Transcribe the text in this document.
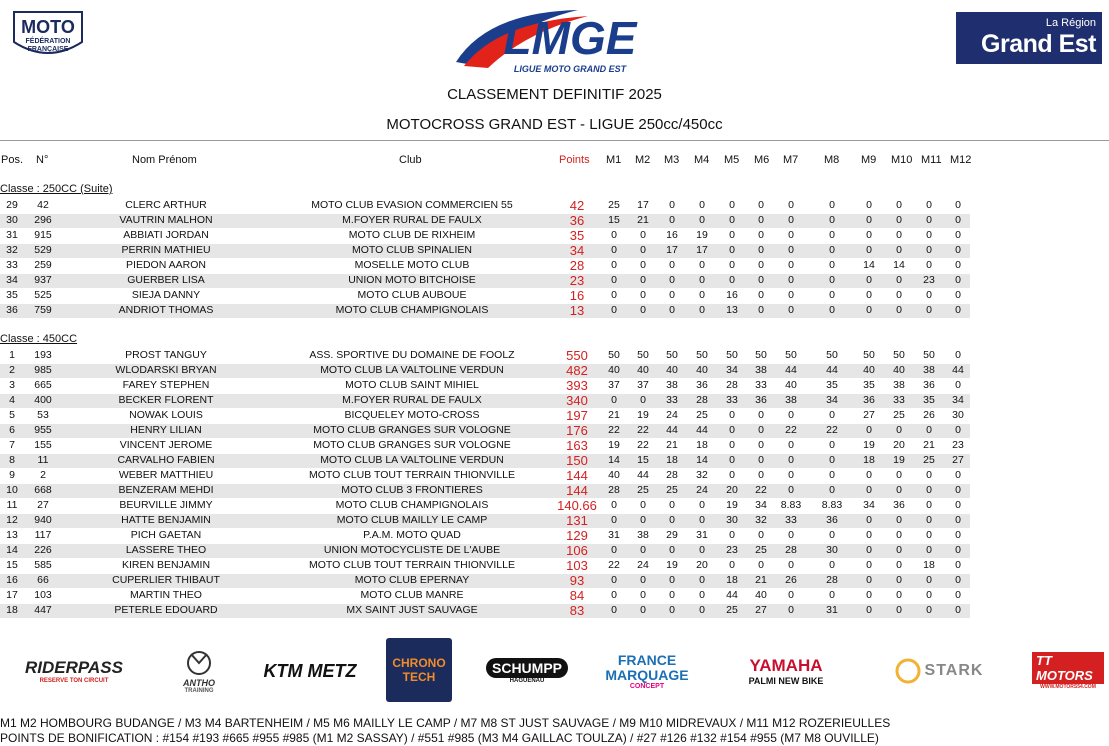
MOTO
FÉDÉRATION
FRANÇAISE	LMGE
LIGUE MOTO GRAND EST
La Région
Grand Est
CLASSEMENT DEFINITIF 2025
MOTOCROSS GRAND EST - LIGUE 250cc/450cc
Pos. N°	Nom Prénom	Club	Points M1 M2 M3 M4 M5 M6 M7 M8 M9 M10 M11 M12
Classe : 250CC (Suite)
29	42	CLERC ARTHUR	MOTO CLUB EVASION COMMERCIEN 55	42	25	17	0	0	0	0	0	0	0	0	0	0
30	296	VAUTRIN MALHON	M.FOYER RURAL DE FAULX	36	15	21	0	0	0	0	0	0	0	0	0	0
31	915	ABBIATI JORDAN	MOTO CLUB DE RIXHEIM	35	0	0	16	19	0	0	0	0	0	0	0	0
32	529	PERRIN MATHIEU	MOTO CLUB SPINALIEN	34	0	0	17	17	0	0	0	0	0	0	0	0
33	259	PIEDON AARON	MOSELLE MOTO CLUB	28	0	0	0	0	0	0	0	0	14	14	0	0
34	937	GUERBER LISA	UNION MOTO BITCHOISE	23	0	0	0	0	0	0	0	0	0	0	23	0
35	525	SIEJA DANNY	MOTO CLUB AUBOUE	16	0	0	0	0	16	0	0	0	0	0	0	0
36	759	ANDRIOT THOMAS	MOTO CLUB CHAMPIGNOLAIS	13	0	0	0	0	13	0	0	0	0	0	0	0
Classe : 450CC
1	193	PROST TANGUY	ASS. SPORTIVE DU DOMAINE DE FOOLZ	550	50	50	50	50	50	50	50	50	50	50	50	0
2	985	WLODARSKI BRYAN	MOTO CLUB LA VALTOLINE VERDUN	482	40	40	40	40	34	38	44	44	40	40	38	44
3	665	FAREY STEPHEN	MOTO CLUB SAINT MIHIEL	393	37	37	38	36	28	33	40	35	35	38	36	0
4	400	BECKER FLORENT	M.FOYER RURAL DE FAULX	340	0	0	33	28	33	36	38	34	36	33	35	34
5	53	NOWAK LOUIS	BICQUELEY MOTO-CROSS	197	21	19	24	25	0	0	0	0	27	25	26	30
6	955	HENRY LILIAN	MOTO CLUB GRANGES SUR VOLOGNE	176	22	22	44	44	0	0	22	22	0	0	0	0
7	155	VINCENT JEROME	MOTO CLUB GRANGES SUR VOLOGNE	163	19	22	21	18	0	0	0	0	19	20	21	23
8	11	CARVALHO FABIEN	MOTO CLUB LA VALTOLINE VERDUN	150	14	15	18	14	0	0	0	0	18	19	25	27
9	2	WEBER MATTHIEU	MOTO CLUB TOUT TERRAIN THIONVILLE	144	40	44	28	32	0	0	0	0	0	0	0	0
10	668	BENZERAM MEHDI	MOTO CLUB 3 FRONTIERES	144	28	25	25	24	20	22	0	0	0	0	0	0
11	27	BEURVILLE JIMMY	MOTO CLUB CHAMPIGNOLAIS	140.66	0	0	0	0	19	34	8.83	8.83	34	36	0	0
12	940	HATTE BENJAMIN	MOTO CLUB MAILLY LE CAMP	131	0	0	0	0	30	32	33	36	0	0	0	0
13	117	PICH GAETAN	P.A.M. MOTO QUAD	129	31	38	29	31	0	0	0	0	0	0	0	0
14	226	LASSERE THEO	UNION MOTOCYCLISTE DE L'AUBE	106	0	0	0	0	23	25	28	30	0	0	0	0
15	585	KIREN BENJAMIN	MOTO CLUB TOUT TERRAIN THIONVILLE	103	22	24	19	20	0	0	0	0	0	0	18	0
16	66	CUPERLIER THIBAUT	MOTO CLUB EPERNAY	93	0	0	0	0	18	21	26	28	0	0	0	0
17	103	MARTIN THEO	MOTO CLUB MANRE	84	0	0	0	0	44	40	0	0	0	0	0	0
18	447	PETERLE EDOUARD	MX SAINT JUST SAUVAGE	83	0	0	0	0	25	27	0	31	0	0	0	0
RIDERPASS
RESERVE TON CIRCUIT	ANTHO
TRAINING
KTM METZ	CHRONO TECH
SCHUMPP
HAGUENAU
FRANCE MARQUAGE
CONCEPT
YAMAHA
PALMI NEW BIKE
STARK
TT MOTORS
WWW.MOTORS54.COM
M1 M2 HOMBOURG BUDANGE / M3 M4 BARTENHEIM / M5 M6 MAILLY LE CAMP / M7 M8 ST JUST SAUVAGE / M9 M10 MIDREVAUX / M11 M12 ROZERIEULLES
POINTS DE BONIFICATION : #154 #193 #665 #955 #985 (M1 M2 SASSAY) / #551 #985 (M3 M4 GAILLAC TOULZA) / #27 #126 #132 #154 #955 (M7 M8 OUVILLE)
